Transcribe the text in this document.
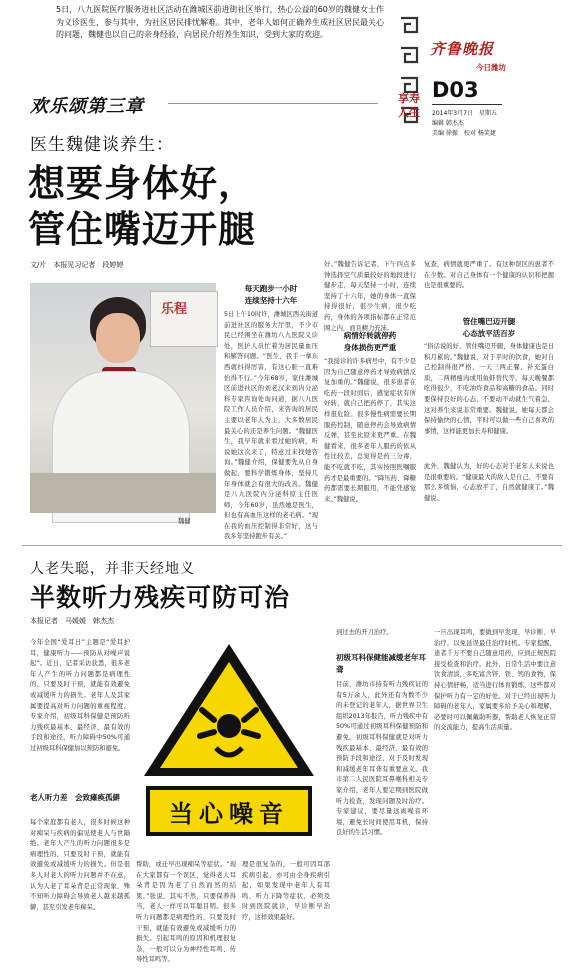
5日，八九医院医疗服务进社区活动在潍城区前进街社区举行，热心公益的60岁的魏健女士作为义诊医生，参与其中，为社区居民排忧解难。其中，老年人如何正确养生成社区居民最关心的问题，魏健也以自己的亲身经验，向居民介绍养生知识，受到大家的欢迎。
齐鲁晚报
今日潍坊
享寿人生
D03
2014年3月7日　星期五
编辑 韩杰杰
美编 徐振　校对 杨笑捷
欢乐颂第三章
医生魏健谈养生：
想要身体好，
管住嘴迈开腿
文/片　本报见习记者　段婷婷
乐程
魏健
每天跑步一小时
连续坚持十六年
5日上午10时许，潍城区西关街道前进社区的服务大厅里，不少市民已经围坐在潍坊八九医院义诊处，医护人员忙着为居民量血压和解答问题。“医生，我手一拿东西就抖得厉害，有这心脏一直难怡得不行。”今年68岁，家住潍城区前进社区的刘老汉来到内分泌科专家咨询处询问道，据八九医院工作人员介绍，来咨询的居民主要以老年人为主，大多数居民最关心的还是养生问题。“魏健医生，我早年就来看过她的病，听说她这次来了，特意过来找她咨询。”魏健介绍，保健要先从自身做起，要科学锻炼身体，坚持几年身体就会有很大的改善。魏健是八九医院内分泌科原主任医师，今年60岁，虽然她是医生，但也有高血压这样的老毛病。“现在我的血压控制得非常好，这与我多年坚持跑步有关。”
好。”魏健告诉记者，下午四点多钟选择空气质量较好的地段进行健步走，每天坚持一小时，连续坚持了十六年，她的身体一直保持得很好，很少生病，很少吃药，身体的各项指标都在正常范围之内，而且精力充沛。
病情好转就停药
身体损伤更严重
“我接诊的许多病号中，有不少是因为自己随意停药才导致病情反复加重的。”魏健说，很多患者在吃药一段时间后，感觉症状有所好转，就自己把药停了，其实这样很危险。很多慢性病需要长期服药控制，随意停药会导致病情反弹，甚至比原来更严重。在魏健看来，很多老年人服药的依从性比较差，总觉得是药三分毒，能不吃就不吃，其实按照医嘱服药才是最重要的。“降压药、降糖药都需要长期服用，不能凭感觉来。”魏健说。
复查，病情就更严重了。有这种误区的患者不在少数。对自己身体有一个健康的认识和把握也是很重要的。
管住嘴巴迈开腿
心态放平活百岁
“俗话说的好，管住嘴迈开腿，身体健康也是日积月累的。”魏健说，对于平时的饮食，她对自己控制得很严格，一天三两正餐，补充蛋白质，二两精瘦肉或用鱼虾替代等，每天晚餐都吃得很少，不吃油炸食品和高糖的食品。同时要保持良好的心态，不要动不动就生气着急，这对养生来说非常重要。魏健说，她每天都会保持愉快的心情，平时可以做一些自己喜欢的事情，这样能更加长寿和健康。
此外，魏健认为，好的心态对于老年人来说也是很重要的。“健康最大的敌人是自己，不要有那么多烦恼，心态放平了，自然就健康了。”魏健说。
人老失聪，并非天经地义
半数听力残疾可防可治
本报记者　马媛媛　韩杰杰
当心噪音
今年全国“爱耳日”主题是“爱耳护耳，健康听力——预防从对噪声说起”。近日，记者采访获悉，很多老年人产生的听力问题都是病理性的，只要及时干预，就能有效避免或减缓听力的损失。老年人及其家属要提高对听力问题的重视程度。专家介绍，初级耳科保健是预防听力残疾最基本、最经济、最有效的手段和途径，听力障碍中50%可通过初级耳科保健加以预防和避免。
老人听力差　会致瘫痪孤僻
每个家庭都有老人，很多时候这种对痴呆与疾病的偏见使老人与世隔绝。老年人产生的听力问题很多是病理性的，只要及时干预，就能有效避免或减缓听力的损失。但是很多人对老人的听力问题并不在意，认为人老了耳朵背是正常现象，殊不知听力障碍会导致老人越来越孤僻，甚至引发老年痴呆。
帮助，或迁早出现痴呆等症状。“现在大家都有一个误区，觉得老人耳朵背是因为老了自然而然的结果。”张说，其实不然，只要保养得当，老人一样可以耳聪目明。很多听力问题都是病理性的，只要及时干预，就能有效避免或减缓听力的损失。引起耳鸣的原因和机理很复杂，一般可以分为神经性耳鸣、传导性耳鸣等。
理是很复杂的，一般可因耳部疾病引起，亦可由全身疾病引起，如果发现中老年人有耳鸣、听力下降等症状，必须及时到医院就诊，早诊断早治疗，这样效果最好。
到过去的开刀治疗。
初级耳科保健能减缓老年耳聋
目前，潍坊市持有听力残疾证的有5万余人，此外还有为数不少的未登记的老年人，据世界卫生组织2013年报告，听力残疾中有50%可通过初级耳科保健预防和避免。初级耳科保健就是对听力残疾最基本、最经济、最有效的预防手段和途径，对于及时发现和减缓老年耳聋有重要意义。我市第二人民医院耳鼻喉科相关专家介绍，老年人要定期到医院做听力检查，发现问题及时治疗。专家建议，要尽量远离噪音环境，避免长时间使用耳机，保持良好的生活习惯。
一旦出现耳鸣，要做到早发现、早诊断、早治疗，以免延误最佳治疗时机。专家提醒，患者千万不要自己随意用药，应到正规医院接受检查和治疗。此外，日常生活中要注意饮食清淡，多吃富含锌、铁、钙的食物，保持心情舒畅，适当进行体育锻炼，这些都对保护听力有一定的好处。对于已经出现听力障碍的老年人，家属要多给予关心和理解，必要时可以佩戴助听器，帮助老人恢复正常的交流能力，提高生活质量。
